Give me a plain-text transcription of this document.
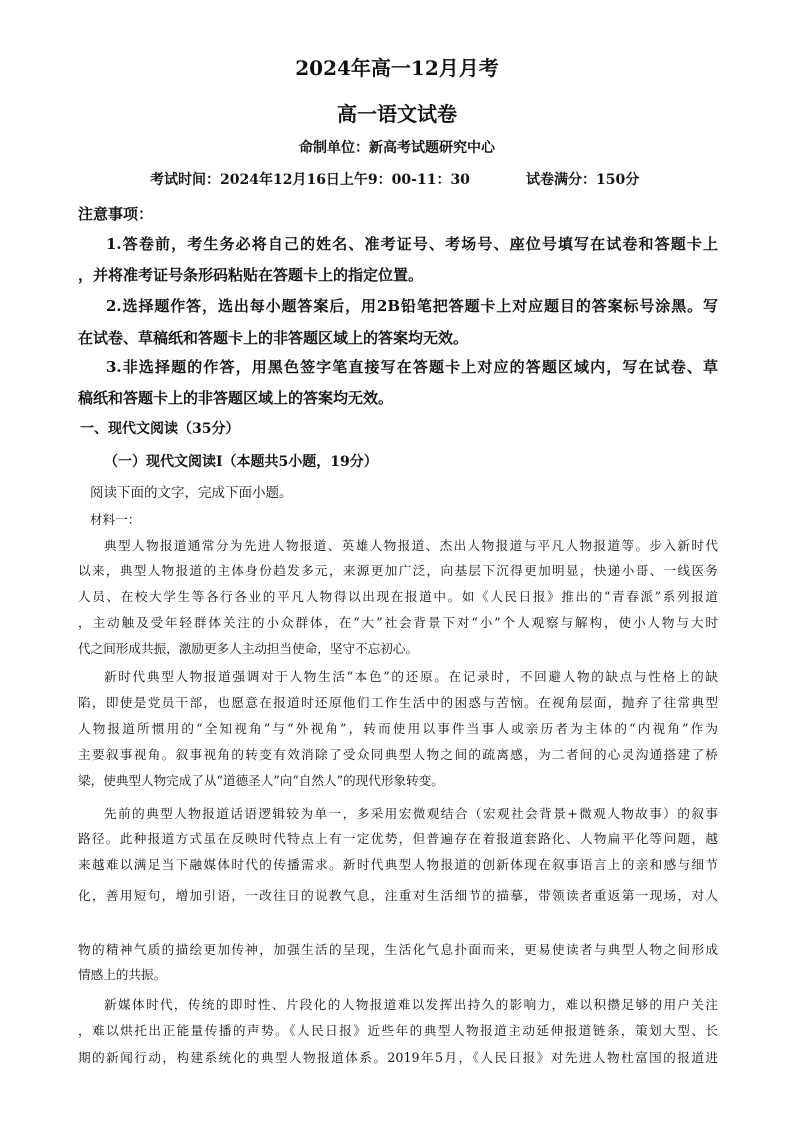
2024年高一12月月考
高一语文试卷
命制单位：新高考试题研究中心
考试时间：2024年12月16日上午9：00-11：30	试卷满分：150分
注意事项：
1.答卷前，考生务必将自己的姓名、准考证号、考场号、座位号填写在试卷和答题卡上
，并将准考证号条形码粘贴在答题卡上的指定位置。
2.选择题作答，选出每小题答案后，用2B铅笔把答题卡上对应题目的答案标号涂黑。写
在试卷、草稿纸和答题卡上的非答题区域上的答案均无效。
3.非选择题的作答，用黑色签字笔直接写在答题卡上对应的答题区域内，写在试卷、草
稿纸和答题卡上的非答题区域上的答案均无效。
一、现代文阅读（35分）
（一）现代文阅读Ⅰ（本题共5小题，19分）
阅读下面的文字，完成下面小题。
材料一：
典型人物报道通常分为先进人物报道、英雄人物报道、杰出人物报道与平凡人物报道等。步入新时代
以来，典型人物报道的主体身份趋发多元，来源更加广泛，向基层下沉得更加明显，快递小哥、一线医务
人员、在校大学生等各行各业的平凡人物得以出现在报道中。如《人民日报》推出的“青春派”系列报道
，主动触及受年轻群体关注的小众群体，在“大”社会背景下对“小”个人观察与解构，使小人物与大时
代之间形成共振，激励更多人主动担当使命，坚守不忘初心。
新时代典型人物报道强调对于人物生活“本色”的还原。在记录时，不回避人物的缺点与性格上的缺
陷，即使是党员干部，也愿意在报道时还原他们工作生活中的困惑与苦恼。在视角层面，抛弃了往常典型
人物报道所惯用的“全知视角”与“外视角”，转而使用以事件当事人或亲历者为主体的“内视角”作为
主要叙事视角。叙事视角的转变有效消除了受众同典型人物之间的疏离感，为二者间的心灵沟通搭建了桥
梁，使典型人物完成了从“道德圣人”向“自然人”的现代形象转变。
先前的典型人物报道话语逻辑较为单一，多采用宏微观结合（宏观社会背景+微观人物故事）的叙事
路径。此种报道方式虽在反映时代特点上有一定优势，但普遍存在着报道套路化、人物扁平化等问题，越
来越难以满足当下融媒体时代的传播需求。新时代典型人物报道的创新体现在叙事语言上的亲和感与细节
化，善用短句，增加引语，一改往日的说教气息，注重对生活细节的描摹，带领读者重返第一现场，对人
物的精神气质的描绘更加传神，加强生活的呈现，生活化气息扑面而来，更易使读者与典型人物之间形成
情感上的共振。
新媒体时代，传统的即时性、片段化的人物报道难以发挥出持久的影响力，难以积攒足够的用户关注
，难以烘托出正能量传播的声势。《人民日报》近些年的典型人物报道主动延伸报道链条，策划大型、长
期的新闻行动，构建系统化的典型人物报道体系。2019年5月，《人民日报》对先进人物杜富国的报道进
